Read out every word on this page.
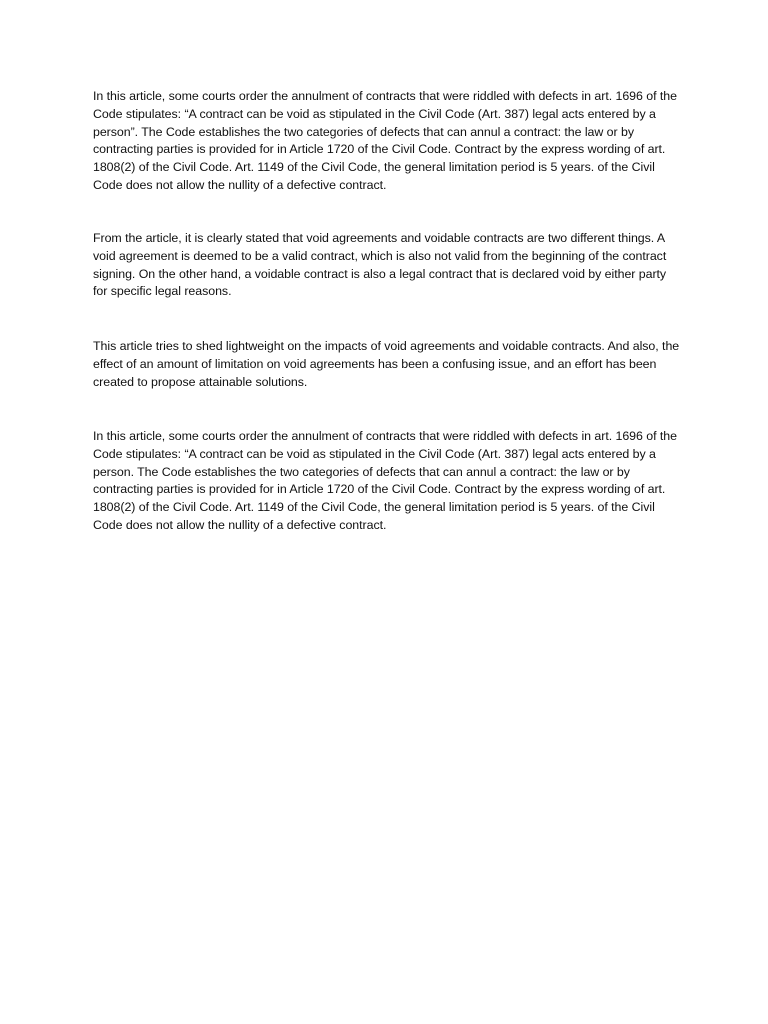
In this article, some courts order the annulment of contracts that were riddled with defects in art. 1696 of the Code stipulates: “A contract can be void as stipulated in the Civil Code (Art. 387) legal acts entered by a person”. The Code establishes the two categories of defects that can annul a contract: the law or by contracting parties is provided for in Article 1720 of the Civil Code. Contract by the express wording of art. 1808(2) of the Civil Code. Art. 1149 of the Civil Code, the general limitation period is 5 years. of the Civil Code does not allow the nullity of a defective contract.

From the article, it is clearly stated that void agreements and voidable contracts are two different things. A void agreement is deemed to be a valid contract, which is also not valid from the beginning of the contract signing. On the other hand, a voidable contract is also a legal contract that is declared void by either party for specific legal reasons.

This article tries to shed lightweight on the impacts of void agreements and voidable contracts. And also, the effect of an amount of limitation on void agreements has been a confusing issue, and an effort has been created to propose attainable solutions.

In this article, some courts order the annulment of contracts that were riddled with defects in art. 1696 of the Code stipulates: “A contract can be void as stipulated in the Civil Code (Art. 387) legal acts entered by a person. The Code establishes the two categories of defects that can annul a contract: the law or by contracting parties is provided for in Article 1720 of the Civil Code. Contract by the express wording of art. 1808(2) of the Civil Code. Art. 1149 of the Civil Code, the general limitation period is 5 years. of the Civil Code does not allow the nullity of a defective contract.
